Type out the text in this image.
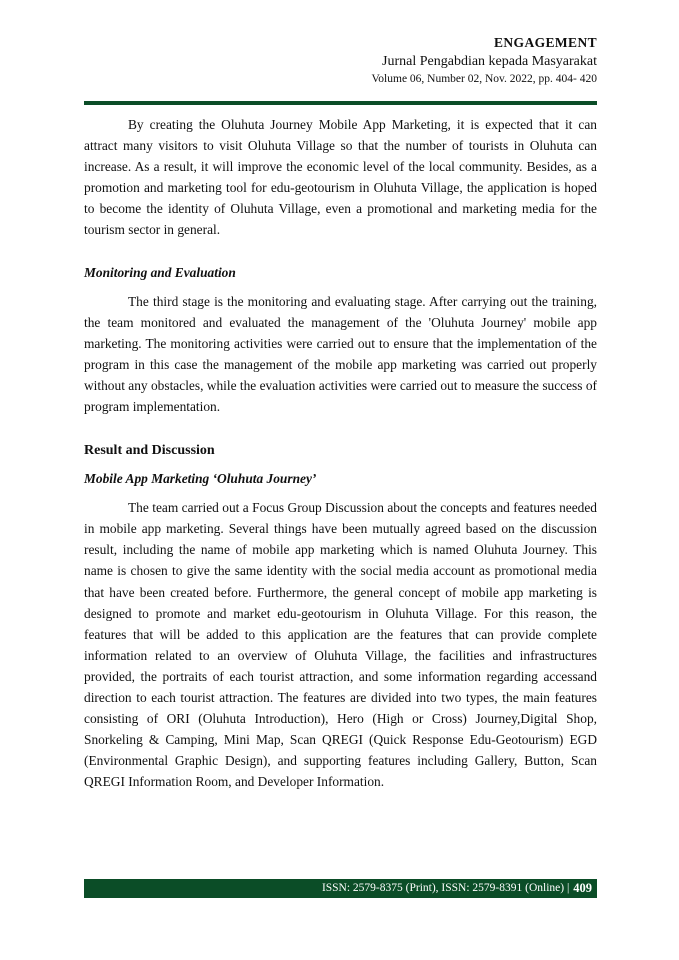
ENGAGEMENT
Jurnal Pengabdian kepada Masyarakat
Volume 06, Number 02, Nov. 2022, pp. 404- 420

By creating the Oluhuta Journey Mobile App Marketing, it is expected that it can attract many visitors to visit Oluhuta Village so that the number of tourists in Oluhuta can increase. As a result, it will improve the economic level of the local community. Besides, as a promotion and marketing tool for edu-geotourism in Oluhuta Village, the application is hoped to become the identity of Oluhuta Village, even a promotional and marketing media for the tourism sector in general.

Monitoring and Evaluation

The third stage is the monitoring and evaluating stage. After carrying out the training, the team monitored and evaluated the management of the 'Oluhuta Journey' mobile app marketing. The monitoring activities were carried out to ensure that the implementation of the program in this case the management of the mobile app marketing was carried out properly without any obstacles, while the evaluation activities were carried out to measure the success of program implementation.

Result and Discussion
Mobile App Marketing ‘Oluhuta Journey’

The team carried out a Focus Group Discussion about the concepts and features needed in mobile app marketing. Several things have been mutually agreed based on the discussion result, including the name of mobile app marketing which is named Oluhuta Journey. This name is chosen to give the same identity with the social media account as promotional media that have been created before. Furthermore, the general concept of mobile app marketing is designed to promote and market edu-geotourism in Oluhuta Village. For this reason, the features that will be added to this application are the features that can provide complete information related to an overview of Oluhuta Village, the facilities and infrastructures provided, the portraits of each tourist attraction, and some information regarding accessand direction to each tourist attraction. The features are divided into two types, the main features consisting of ORI (Oluhuta Introduction), Hero (High or Cross) Journey,Digital Shop, Snorkeling & Camping, Mini Map, Scan QREGI (Quick Response Edu-Geotourism) EGD (Environmental Graphic Design), and supporting features including Gallery, Button, Scan QREGI Information Room, and Developer Information.

ISSN: 2579-8375 (Print), ISSN: 2579-8391 (Online) | 409
